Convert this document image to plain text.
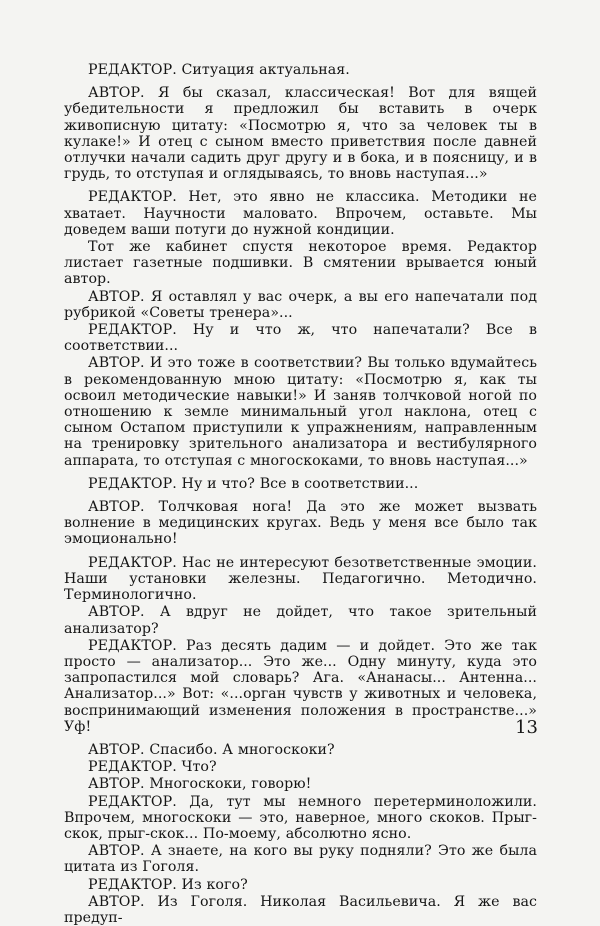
РЕДАКТОР. Ситуация актуальная.

АВТОР. Я бы сказал, классическая! Вот для вящей убедительности я предложил бы вставить в очерк живописную цитату: «Посмотрю я, что за человек ты в кулаке!» И отец с сыном вместо приветствия после давней отлучки начали садить друг другу и в бока, и в поясницу, и в грудь, то отступая и оглядываясь, то вновь наступая...»

РЕДАКТОР. Нет, это явно не классика. Методики не хватает. Научности маловато. Впрочем, оставьте. Мы доведем ваши потуги до нужной кондиции.

Тот же кабинет спустя некоторое время. Редактор листает газетные подшивки. В смятении врывается юный автор.

АВТОР. Я оставлял у вас очерк, а вы его напечатали под рубрикой «Советы тренера»...

РЕДАКТОР. Ну и что ж, что напечатали? Все в соответствии...

АВТОР. И это тоже в соответствии? Вы только вдумайтесь в рекомендованную мною цитату: «Посмотрю я, как ты освоил методические навыки!» И заняв толчковой ногой по отношению к земле минимальный угол наклона, отец с сыном Остапом приступили к упражнениям, направленным на тренировку зрительного анализатора и вестибулярного аппарата, то отступая с многоскоками, то вновь наступая...»

РЕДАКТОР. Ну и что? Все в соответствии...

АВТОР. Толчковая нога! Да это же может вызвать волнение в медицинских кругах. Ведь у меня все было так эмоционально!

РЕДАКТОР. Нас не интересуют безответственные эмоции. Наши установки железны. Педагогично. Методично. Терминологично.

АВТОР. А вдруг не дойдет, что такое зрительный анализатор?

РЕДАКТОР. Раз десять дадим — и дойдет. Это же так просто — анализатор... Это же... Одну минуту, куда это запропастился мой словарь? Ага. «Ананасы... Антенна... Анализатор...» Вот: «...орган чувств у животных и человека, воспринимающий изменения положения в пространстве...» Уф!

АВТОР. Спасибо. А многоскоки?

РЕДАКТОР. Что?

АВТОР. Многоскоки, говорю!

РЕДАКТОР. Да, тут мы немного перетерминоложили. Впрочем, многоскоки — это, наверное, много скоков. Прыг-скок, прыг-скок... По-моему, абсолютно ясно.

АВТОР. А знаете, на кого вы руку подняли? Это же была цитата из Гоголя.

РЕДАКТОР. Из кого?

АВТОР. Из Гоголя. Николая Васильевича. Я же вас предуп-

13
